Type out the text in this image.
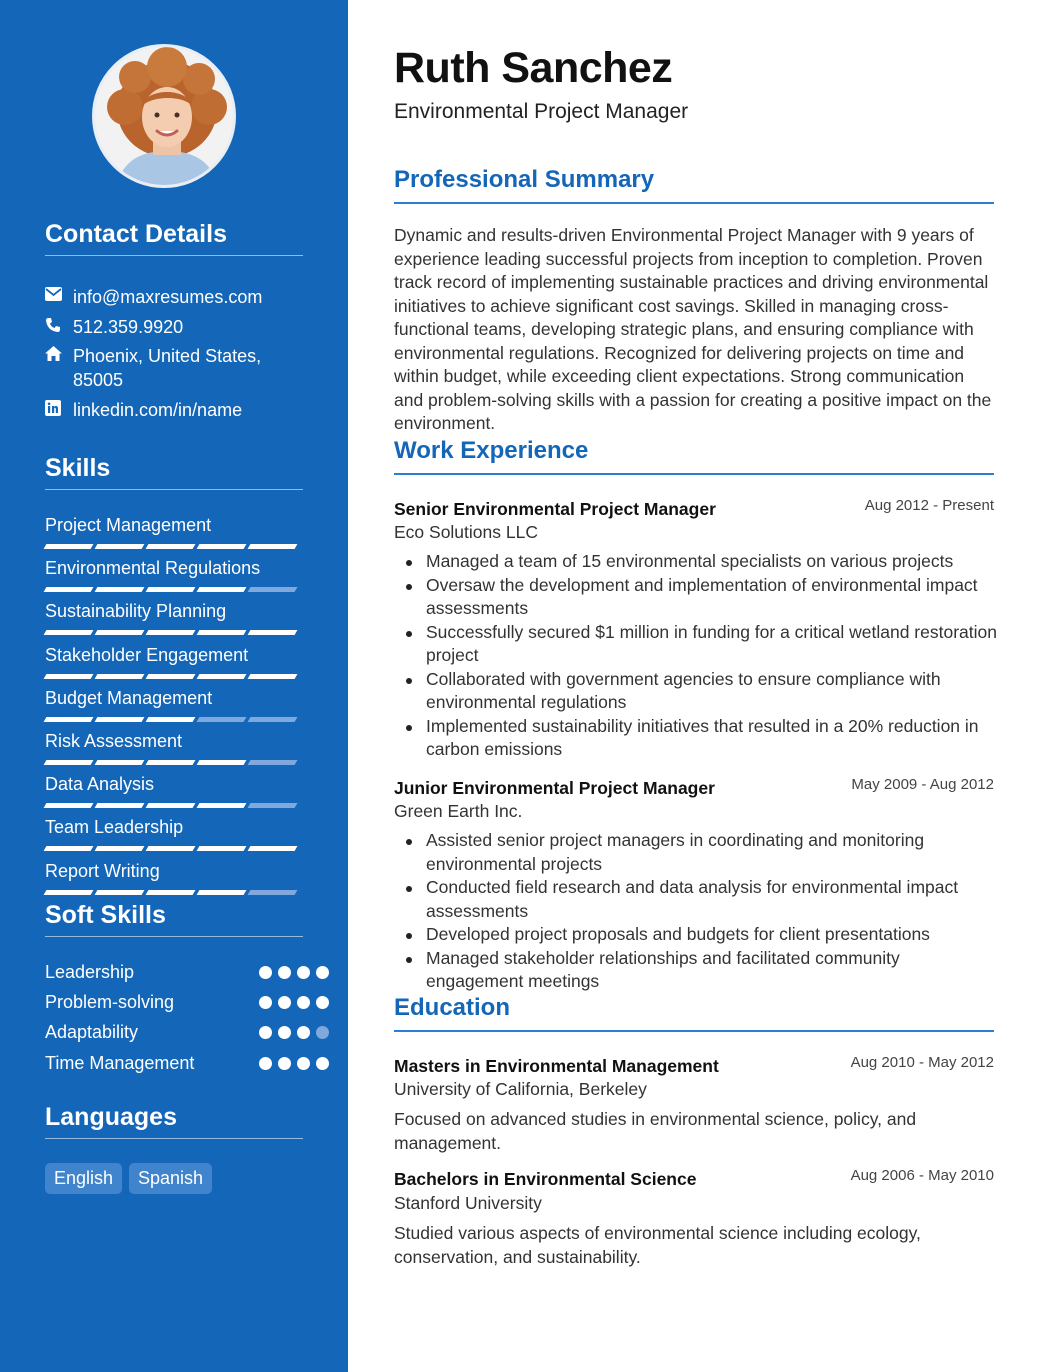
Contact Details
info@maxresumes.com
512.359.9920
Phoenix, United States, 85005
linkedin.com/in/name
Skills
Project Management
Environmental Regulations
Sustainability Planning
Stakeholder Engagement
Budget Management
Risk Assessment
Data Analysis
Team Leadership
Report Writing
Soft Skills
Leadership
Problem-solving
Adaptability
Time Management
Languages
English	Spanish
Ruth Sanchez
Environmental Project Manager
Professional Summary

Dynamic and results-driven Environmental Project Manager with 9 years of experience leading successful projects from inception to completion. Proven track record of implementing sustainable practices and driving environmental initiatives to achieve significant cost savings. Skilled in managing cross-functional teams, developing strategic plans, and ensuring compliance with environmental regulations. Recognized for delivering projects on time and within budget, while exceeding client expectations. Strong communication and problem-solving skills with a passion for creating a positive impact on the environment.

Work Experience
Senior Environmental Project Manager	Aug 2012 - Present
Eco Solutions LLC
Managed a team of 15 environmental specialists on various projects
Oversaw the development and implementation of environmental impact assessments
Successfully secured $1 million in funding for a critical wetland restoration project
Collaborated with government agencies to ensure compliance with environmental regulations
Implemented sustainability initiatives that resulted in a 20% reduction in carbon emissions
Junior Environmental Project Manager	May 2009 - Aug 2012
Green Earth Inc.
Assisted senior project managers in coordinating and monitoring environmental projects
Conducted field research and data analysis for environmental impact assessments
Developed project proposals and budgets for client presentations
Managed stakeholder relationships and facilitated community engagement meetings
Education
Masters in Environmental Management	Aug 2010 - May 2012
University of California, Berkeley

Focused on advanced studies in environmental science, policy, and management.

Bachelors in Environmental Science	Aug 2006 - May 2010
Stanford University

Studied various aspects of environmental science including ecology, conservation, and sustainability.
